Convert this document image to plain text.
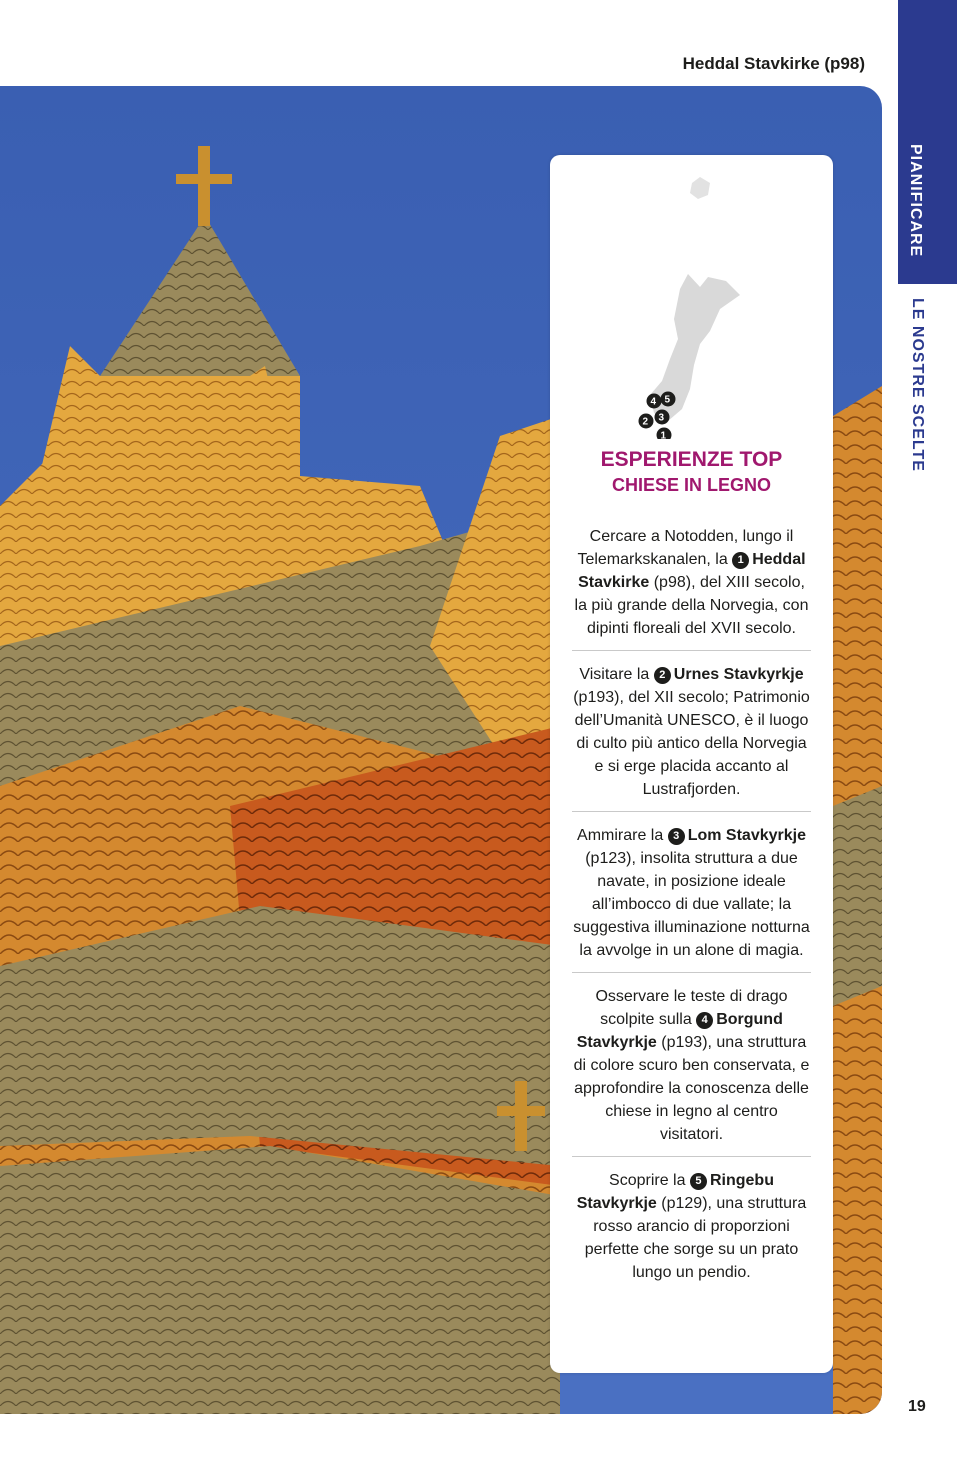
Heddal Stavkirke (p98)
PIANIFICARE
LE NOSTRE SCELTE
19
4 5
2 3
1
ESPERIENZE TOP
CHIESE IN LEGNO
Cercare a Notodden, lungo il Telemarkskanalen, la 1 Heddal Stavkirke (p98), del XIII secolo, la più grande della Norvegia, con dipinti floreali del XVII secolo.
Visitare la 2 Urnes Stavkyrkje (p193), del XII secolo; Patrimonio dell’Umanità UNESCO, è il luogo di culto più antico della Norvegia e si erge placida accanto al Lustrafjorden.
Ammirare la 3 Lom Stavkyrkje (p123), insolita struttura a due navate, in posizione ideale all’imbocco di due vallate; la suggestiva illuminazione notturna la avvolge in un alone di magia.
Osservare le teste di drago scolpite sulla 4 Borgund Stavkyrkje (p193), una struttura di colore scuro ben conservata, e approfondire la conoscenza delle chiese in legno al centro visitatori.
Scoprire la 5 Ringebu Stavkyrkje (p129), una struttura rosso arancio di proporzioni perfette che sorge su un prato lungo un pendio.
